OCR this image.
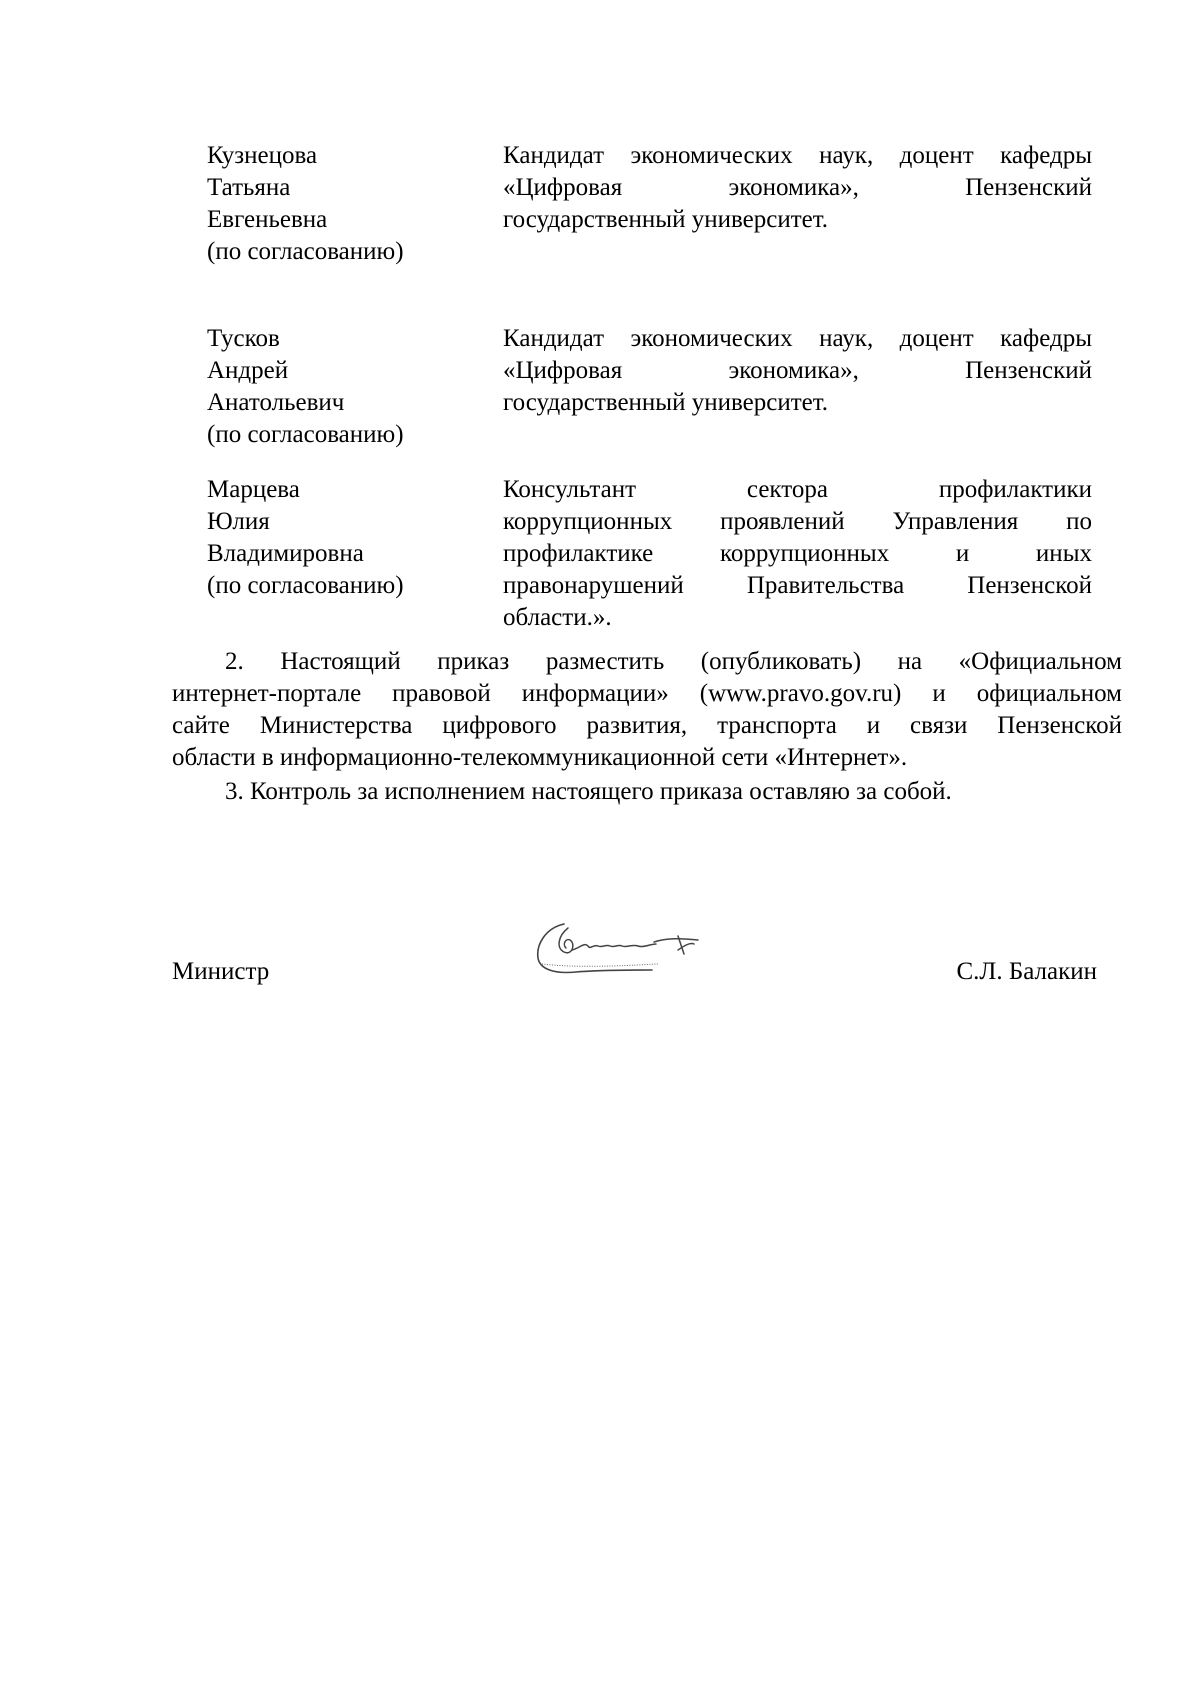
Кузнецова
Татьяна
Евгеньевна
(по согласованию)
Кандидат экономических наук, доцент кафедры
«Цифровая экономика», Пензенский
государственный университет.
Тусков
Андрей
Анатольевич
(по согласованию)
Кандидат экономических наук, доцент кафедры
«Цифровая экономика», Пензенский
государственный университет.
Марцева
Юлия
Владимировна
(по согласованию)
Консультант сектора профилактики
коррупционных проявлений Управления по
профилактике коррупционных и иных
правонарушений Правительства Пензенской
области.».
2. Настоящий приказ разместить (опубликовать) на «Официальном
интернет-портале правовой информации» (www.pravo.gov.ru) и официальном
сайте Министерства цифрового развития, транспорта и связи Пензенской
области в информационно-телекоммуникационной сети «Интернет».
3. Контроль за исполнением настоящего приказа оставляю за собой.
Министр	С.Л. Балакин
